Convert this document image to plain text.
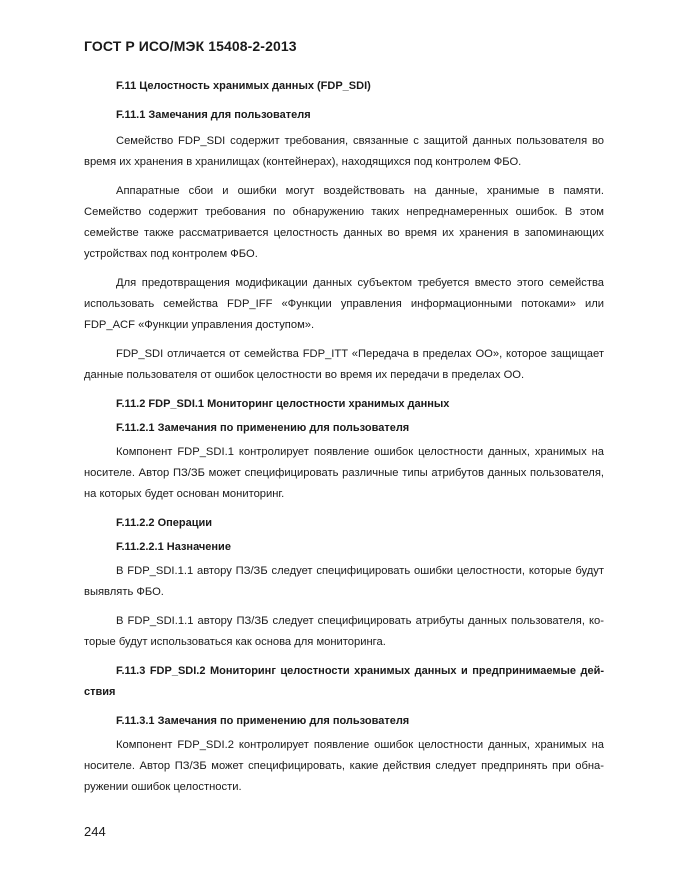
ГОСТ Р ИСО/МЭК 15408-2-2013

F.11 Целостность хранимых данных (FDP_SDI)

F.11.1 Замечания для пользователя

Семейство FDP_SDI содержит требования, связанные с защитой данных пользователя во время их хранения в хранилищах (контейнерах), находящихся под контролем ФБО.

Аппаратные сбои и ошибки могут воздействовать на данные, хранимые в памяти. Семейство содержит требования по обнаружению таких непреднамеренных ошибок. В этом семействе также рассматривается целостность данных во время их хранения в запоминающих устройствах под контролем ФБО.

Для предотвращения модификации данных субъектом требуется вместо этого семейства использовать семейства FDP_IFF «Функции управления информационными потоками» или FDP_ACF «Функции управления доступом».

FDP_SDI отличается от семейства FDP_ITT «Передача в пределах ОО», которое защищает данные пользователя от ошибок целостности во время их передачи в пределах ОО.

F.11.2 FDP_SDI.1 Мониторинг целостности хранимых данных

F.11.2.1 Замечания по применению для пользователя

Компонент FDP_SDI.1 контролирует появление ошибок целостности данных, хранимых на носителе. Автор ПЗ/ЗБ может специфицировать различные типы атрибутов данных пользователя, на которых будет основан мониторинг.

F.11.2.2 Операции

F.11.2.2.1 Назначение

В FDP_SDI.1.1 автору ПЗ/ЗБ следует специфицировать ошибки целостности, которые будут выявлять ФБО.

В FDP_SDI.1.1 автору ПЗ/ЗБ следует специфицировать атрибуты данных пользователя, ко-торые будут использоваться как основа для мониторинга.

F.11.3 FDP_SDI.2 Мониторинг целостности хранимых данных и предпринимаемые дей-ствия

F.11.3.1 Замечания по применению для пользователя

Компонент FDP_SDI.2 контролирует появление ошибок целостности данных, хранимых на носителе. Автор ПЗ/ЗБ может специфицировать, какие действия следует предпринять при обна-ружении ошибок целостности.

244
